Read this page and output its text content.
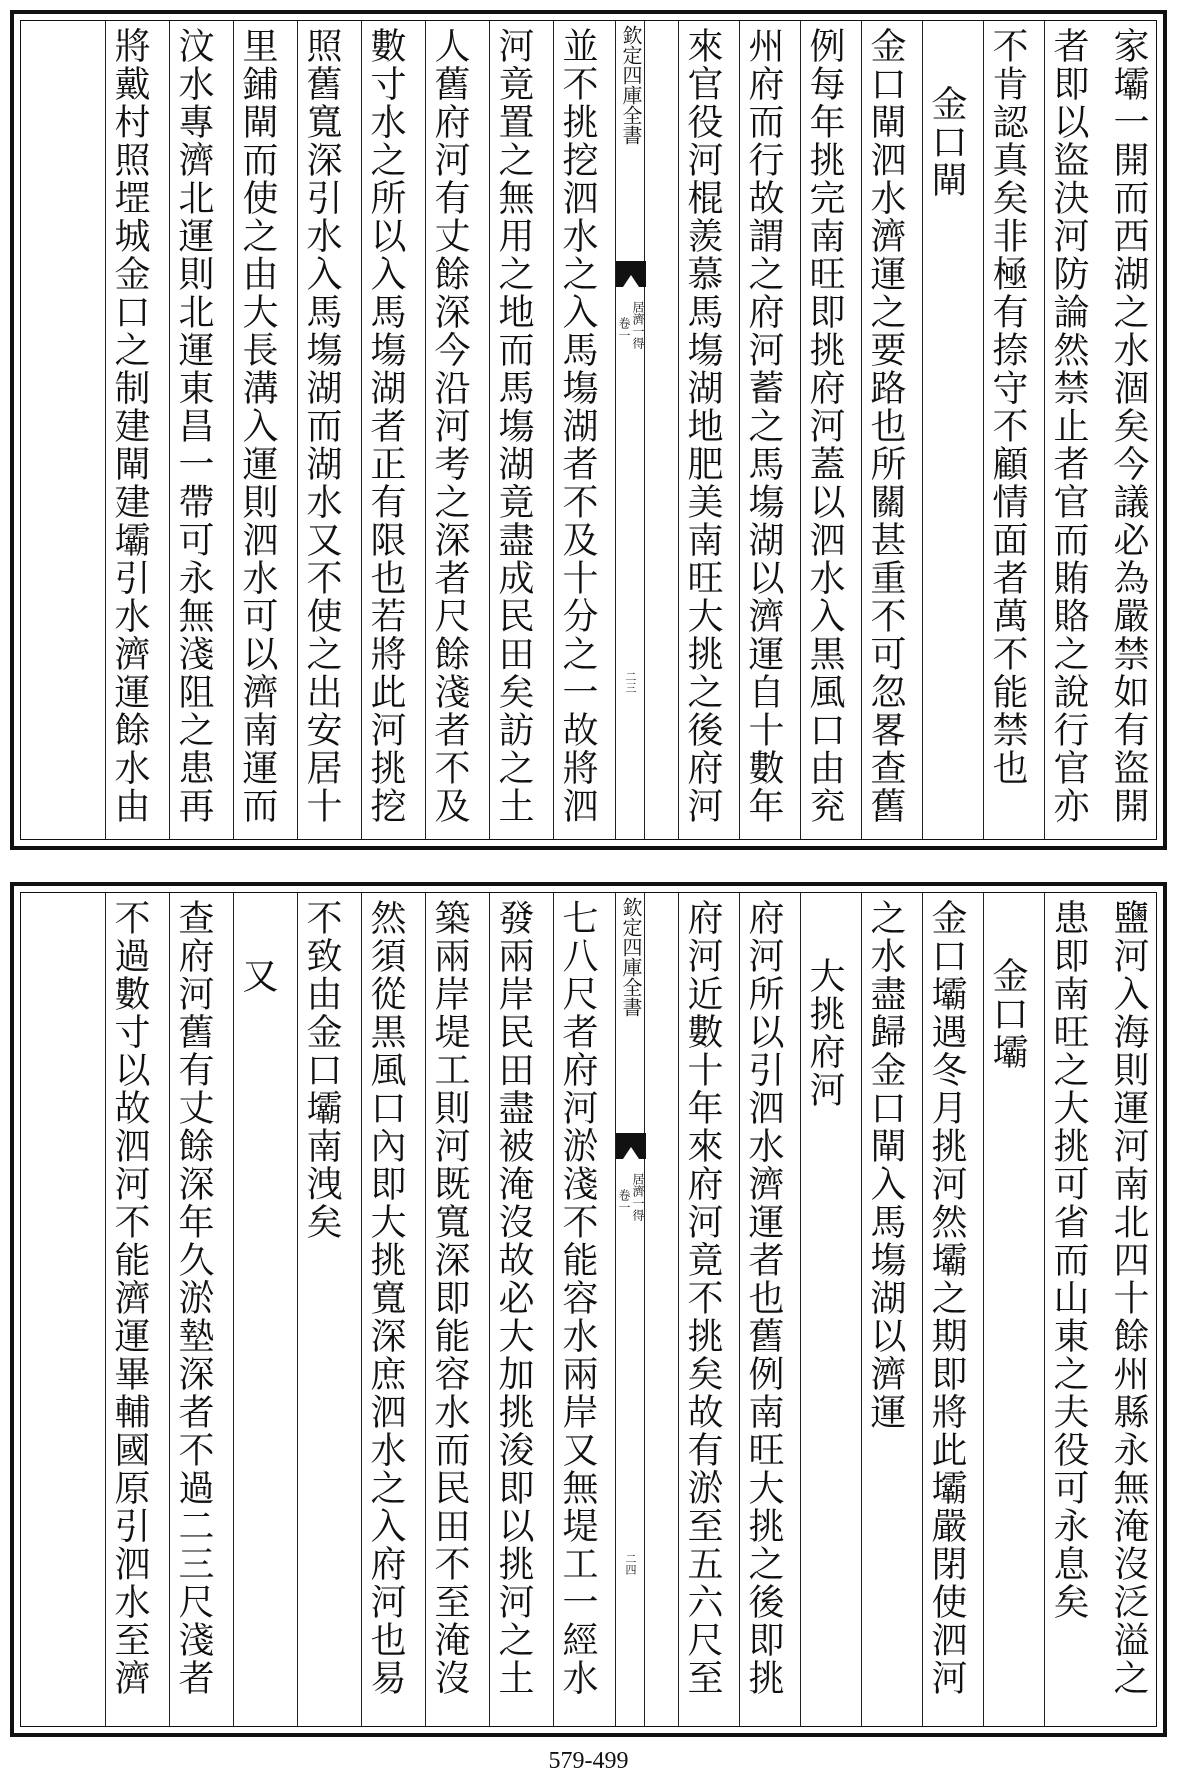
家壩一開而西湖之水涸矣今議必為嚴禁如有盜開
者即以盜決河防論然禁止者官而賄賂之說行官亦
不肯認真矣非極有捺守不顧情面者萬不能禁也
金口閘
金口閘泗水濟運之要路也所關甚重不可忽畧查舊
例每年挑完南旺即挑府河蓋以泗水入黒風口由兖
州府而行故謂之府河蓄之馬塲湖以濟運自十數年
來官役河棍羨慕馬塲湖地肥美南旺大挑之後府河
欽定四庫全書
居濟一得
卷一
二三
並不挑挖泗水之入馬塲湖者不及十分之一故將泗
河竟置之無用之地而馬塲湖竟盡成民田矣訪之土
人舊府河有丈餘深今沿河考之深者尺餘淺者不及
數寸水之所以入馬塲湖者正有限也若將此河挑挖
照舊寬深引水入馬塲湖而湖水又不使之出安居十
里鋪閘而使之由大長溝入運則泗水可以濟南運而
汶水專濟北運則北運東昌一帶可永無淺阻之患再
將戴村照堽城金口之制建閘建壩引水濟運餘水由
鹽河入海則運河南北四十餘州縣永無淹沒泛溢之
患即南旺之大挑可省而山東之夫役可永息矣
金口壩
金口壩遇冬月挑河然壩之期即將此壩嚴閉使泗河
之水盡歸金口閘入馬塲湖以濟運
大挑府河
府河所以引泗水濟運者也舊例南旺大挑之後即挑
府河近數十年來府河竟不挑矣故有淤至五六尺至
欽定四庫全書
居濟一得
卷一
二四
七八尺者府河淤淺不能容水兩岸又無堤工一經水
發兩岸民田盡被淹沒故必大加挑浚即以挑河之土
築兩岸堤工則河既寬深即能容水而民田不至淹沒
然須從黒風口內即大挑寬深庶泗水之入府河也易
不致由金口壩南洩矣
又
查府河舊有丈餘深年久淤墊深者不過二三尺淺者
不過數寸以故泗河不能濟運畢輔國原引泗水至濟
579-499
